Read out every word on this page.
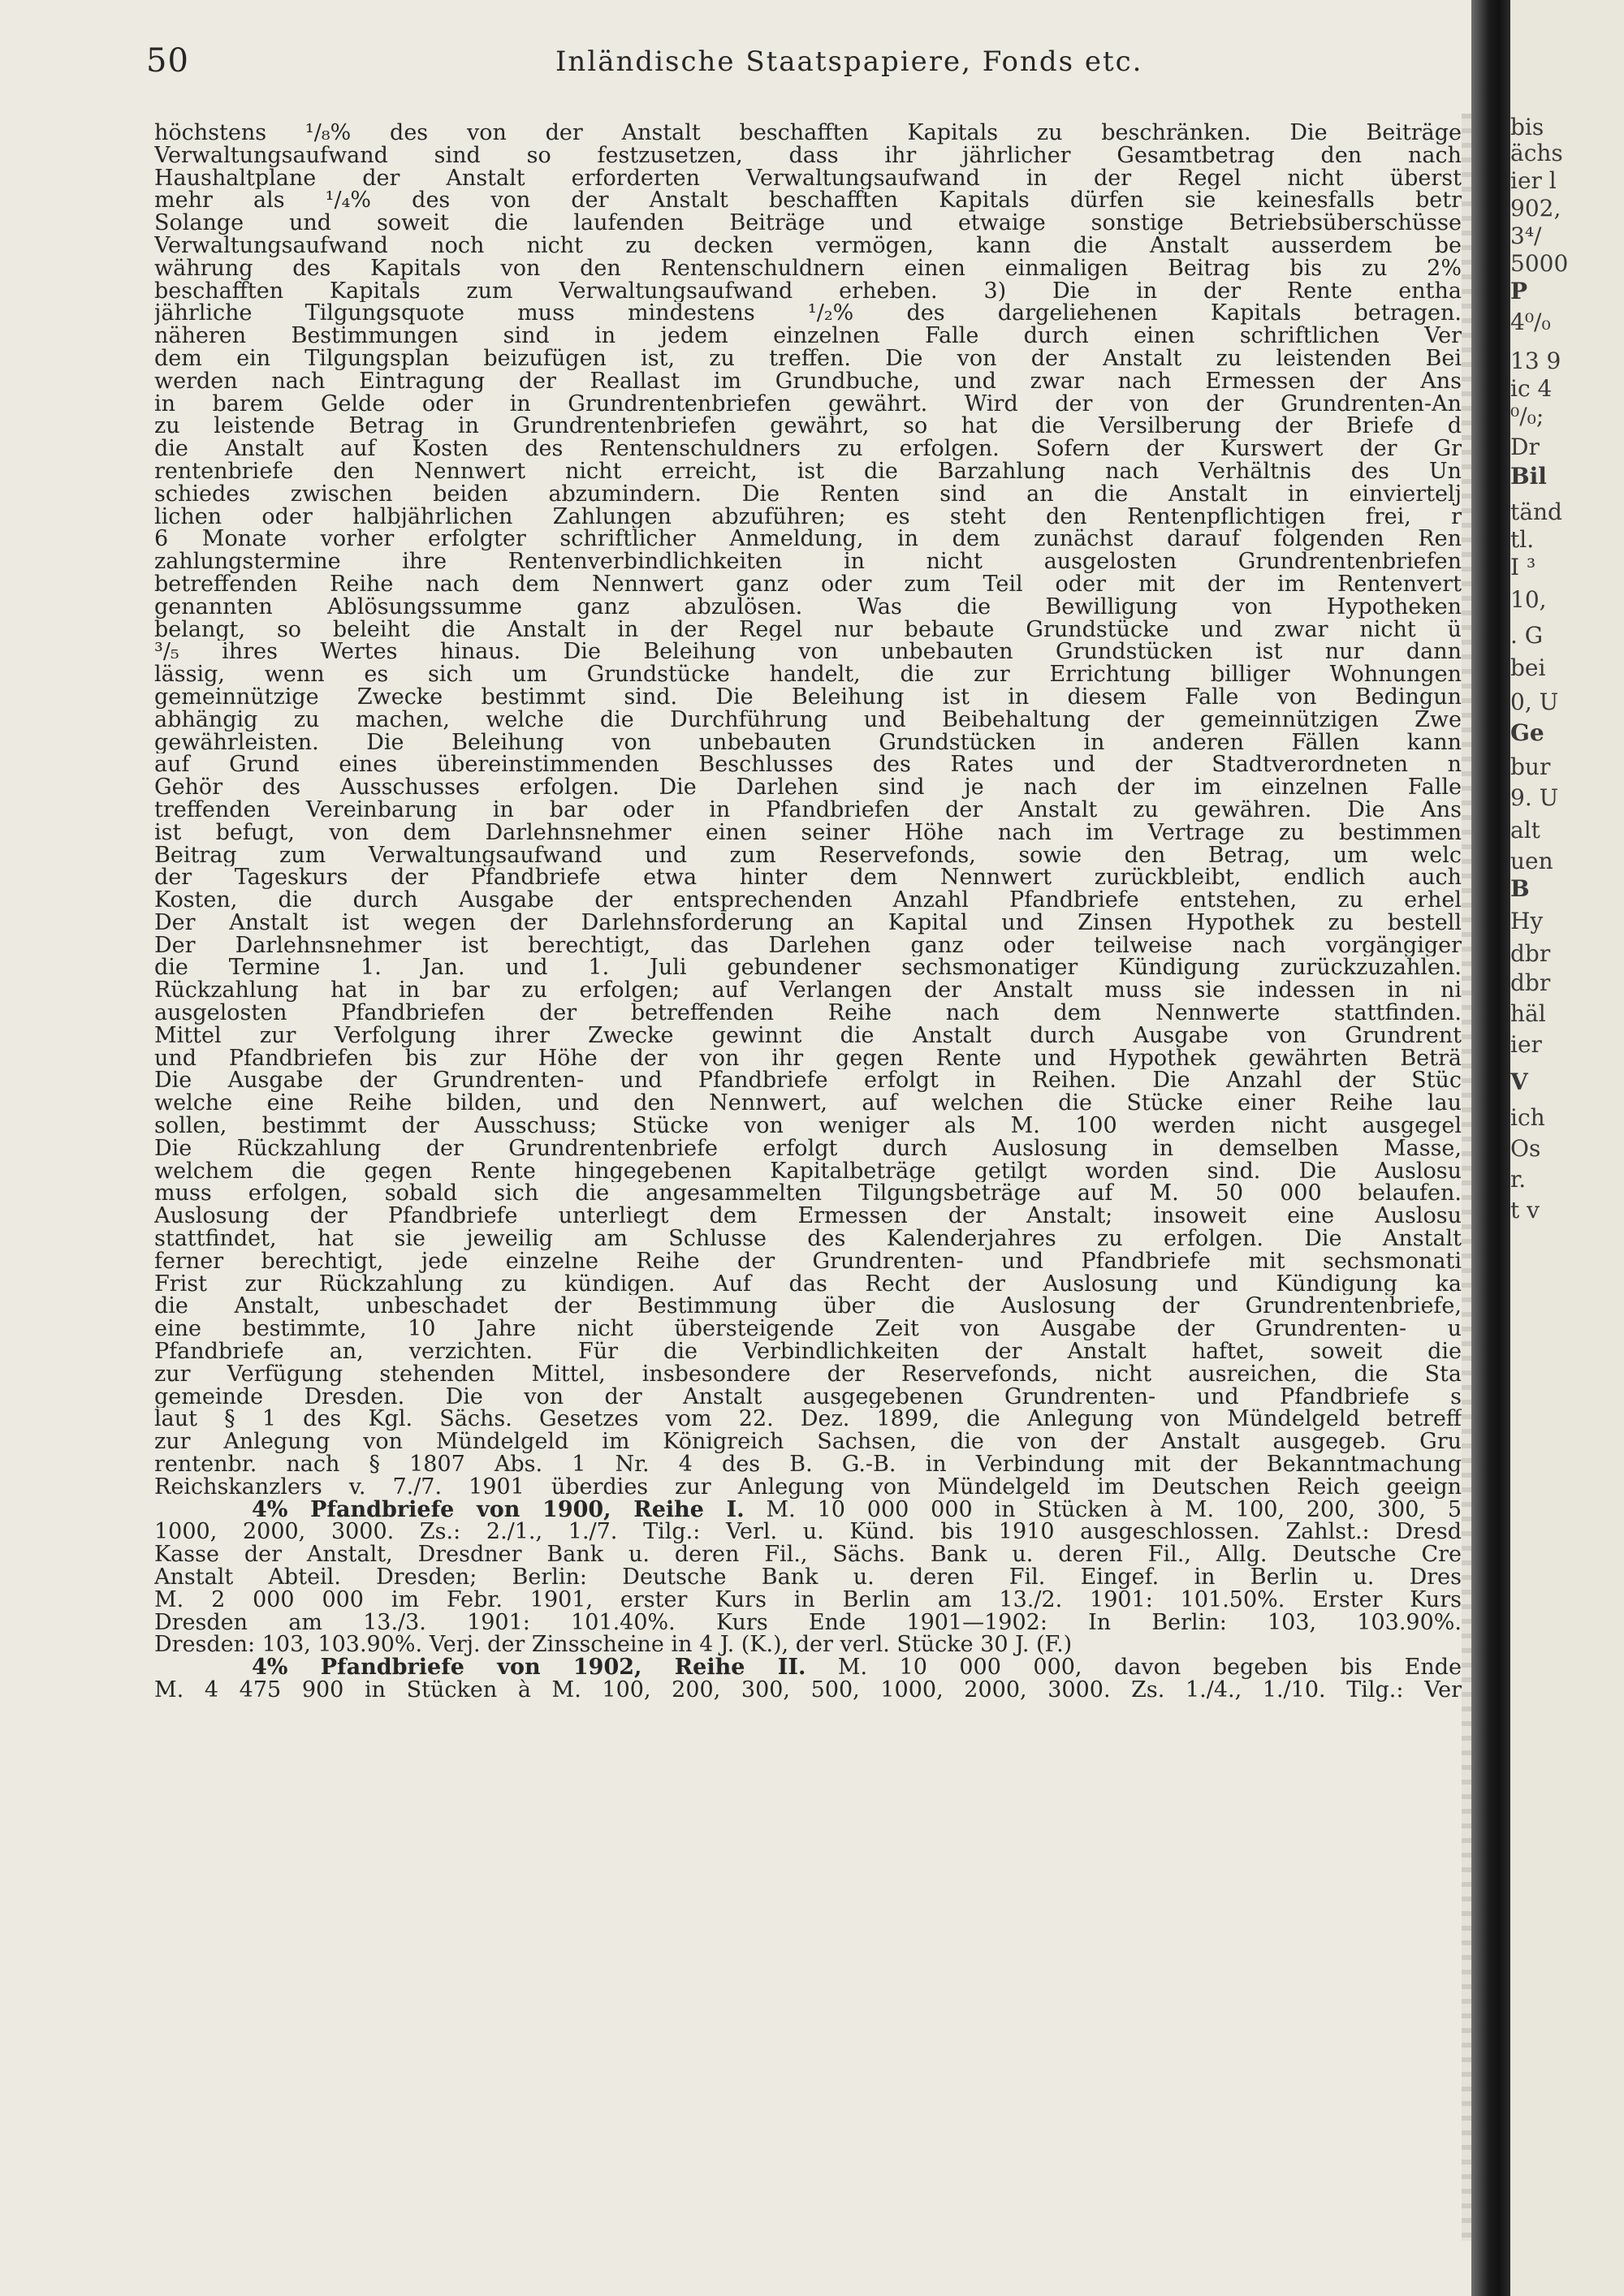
50	Inländische Staatspapiere, Fonds etc.
höchstens ¹/₈% des von der Anstalt beschafften Kapitals zu beschränken. Die Beiträge
Verwaltungsaufwand sind so festzusetzen, dass ihr jährlicher Gesamtbetrag den nach
Haushaltplane der Anstalt erforderten Verwaltungsaufwand in der Regel nicht überst
mehr als ¹/₄% des von der Anstalt beschafften Kapitals dürfen sie keinesfalls betr
Solange und soweit die laufenden Beiträge und etwaige sonstige Betriebsüberschüsse
Verwaltungsaufwand noch nicht zu decken vermögen, kann die Anstalt ausserdem be
währung des Kapitals von den Rentenschuldnern einen einmaligen Beitrag bis zu 2%
beschafften Kapitals zum Verwaltungsaufwand erheben. 3) Die in der Rente entha
jährliche Tilgungsquote muss mindestens ¹/₂% des dargeliehenen Kapitals betragen.
näheren Bestimmungen sind in jedem einzelnen Falle durch einen schriftlichen Ver
dem ein Tilgungsplan beizufügen ist, zu treffen. Die von der Anstalt zu leistenden Bei
werden nach Eintragung der Reallast im Grundbuche, und zwar nach Ermessen der Ans
in barem Gelde oder in Grundrentenbriefen gewährt. Wird der von der Grundrenten-An
zu leistende Betrag in Grundrentenbriefen gewährt, so hat die Versilberung der Briefe d
die Anstalt auf Kosten des Rentenschuldners zu erfolgen. Sofern der Kurswert der Gr
rentenbriefe den Nennwert nicht erreicht, ist die Barzahlung nach Verhältnis des Un
schiedes zwischen beiden abzumindern. Die Renten sind an die Anstalt in einviertelj
lichen oder halbjährlichen Zahlungen abzuführen; es steht den Rentenpflichtigen frei, r
6 Monate vorher erfolgter schriftlicher Anmeldung, in dem zunächst darauf folgenden Ren
zahlungstermine ihre Rentenverbindlichkeiten in nicht ausgelosten Grundrentenbriefen
betreffenden Reihe nach dem Nennwert ganz oder zum Teil oder mit der im Rentenvert
genannten Ablösungssumme ganz abzulösen. Was die Bewilligung von Hypotheken
belangt, so beleiht die Anstalt in der Regel nur bebaute Grundstücke und zwar nicht ü
³/₅ ihres Wertes hinaus. Die Beleihung von unbebauten Grundstücken ist nur dann
lässig, wenn es sich um Grundstücke handelt, die zur Errichtung billiger Wohnungen
gemeinnützige Zwecke bestimmt sind. Die Beleihung ist in diesem Falle von Bedingun
abhängig zu machen, welche die Durchführung und Beibehaltung der gemeinnützigen Zwe
gewährleisten. Die Beleihung von unbebauten Grundstücken in anderen Fällen kann
auf Grund eines übereinstimmenden Beschlusses des Rates und der Stadtverordneten n
Gehör des Ausschusses erfolgen. Die Darlehen sind je nach der im einzelnen Falle
treffenden Vereinbarung in bar oder in Pfandbriefen der Anstalt zu gewähren. Die Ans
ist befugt, von dem Darlehnsnehmer einen seiner Höhe nach im Vertrage zu bestimmen
Beitrag zum Verwaltungsaufwand und zum Reservefonds, sowie den Betrag, um welc
der Tageskurs der Pfandbriefe etwa hinter dem Nennwert zurückbleibt, endlich auch
Kosten, die durch Ausgabe der entsprechenden Anzahl Pfandbriefe entstehen, zu erhel
Der Anstalt ist wegen der Darlehnsforderung an Kapital und Zinsen Hypothek zu bestell
Der Darlehnsnehmer ist berechtigt, das Darlehen ganz oder teilweise nach vorgängiger
die Termine 1. Jan. und 1. Juli gebundener sechsmonatiger Kündigung zurückzuzahlen.
Rückzahlung hat in bar zu erfolgen; auf Verlangen der Anstalt muss sie indessen in ni
ausgelosten Pfandbriefen der betreffenden Reihe nach dem Nennwerte stattfinden.
Mittel zur Verfolgung ihrer Zwecke gewinnt die Anstalt durch Ausgabe von Grundrent
und Pfandbriefen bis zur Höhe der von ihr gegen Rente und Hypothek gewährten Beträ
Die Ausgabe der Grundrenten- und Pfandbriefe erfolgt in Reihen. Die Anzahl der Stüc
welche eine Reihe bilden, und den Nennwert, auf welchen die Stücke einer Reihe lau
sollen, bestimmt der Ausschuss; Stücke von weniger als M. 100 werden nicht ausgegel
Die Rückzahlung der Grundrentenbriefe erfolgt durch Auslosung in demselben Masse,
welchem die gegen Rente hingegebenen Kapitalbeträge getilgt worden sind. Die Auslosu
muss erfolgen, sobald sich die angesammelten Tilgungsbeträge auf M. 50 000 belaufen.
Auslosung der Pfandbriefe unterliegt dem Ermessen der Anstalt; insoweit eine Auslosu
stattfindet, hat sie jeweilig am Schlusse des Kalenderjahres zu erfolgen. Die Anstalt
ferner berechtigt, jede einzelne Reihe der Grundrenten- und Pfandbriefe mit sechsmonati
Frist zur Rückzahlung zu kündigen. Auf das Recht der Auslosung und Kündigung ka
die Anstalt, unbeschadet der Bestimmung über die Auslosung der Grundrentenbriefe,
eine bestimmte, 10 Jahre nicht übersteigende Zeit von Ausgabe der Grundrenten- u
Pfandbriefe an, verzichten. Für die Verbindlichkeiten der Anstalt haftet, soweit die
zur Verfügung stehenden Mittel, insbesondere der Reservefonds, nicht ausreichen, die Sta
gemeinde Dresden. Die von der Anstalt ausgegebenen Grundrenten- und Pfandbriefe s
laut § 1 des Kgl. Sächs. Gesetzes vom 22. Dez. 1899, die Anlegung von Mündelgeld betreff
zur Anlegung von Mündelgeld im Königreich Sachsen, die von der Anstalt ausgegeb. Gru
rentenbr. nach § 1807 Abs. 1 Nr. 4 des B. G.-B. in Verbindung mit der Bekanntmachung
Reichskanzlers v. 7./7. 1901 überdies zur Anlegung von Mündelgeld im Deutschen Reich geeign
4% Pfandbriefe von 1900, Reihe I. M. 10 000 000 in Stücken à M. 100, 200, 300, 5
1000, 2000, 3000. Zs.: 2./1., 1./7. Tilg.: Verl. u. Künd. bis 1910 ausgeschlossen. Zahlst.: Dresd
Kasse der Anstalt, Dresdner Bank u. deren Fil., Sächs. Bank u. deren Fil., Allg. Deutsche Cre
Anstalt Abteil. Dresden; Berlin: Deutsche Bank u. deren Fil. Eingef. in Berlin u. Dres
M. 2 000 000 im Febr. 1901, erster Kurs in Berlin am 13./2. 1901: 101.50%. Erster Kurs
Dresden am 13./3. 1901: 101.40%. Kurs Ende 1901—1902: In Berlin: 103, 103.90%.
Dresden: 103, 103.90%. Verj. der Zinsscheine in 4 J. (K.), der verl. Stücke 30 J. (F.)
4% Pfandbriefe von 1902, Reihe II. M. 10 000 000, davon begeben bis Ende
M. 4 475 900 in Stücken à M. 100, 200, 300, 500, 1000, 2000, 3000. Zs. 1./4., 1./10. Tilg.: Ver
bis
ächs
ier l
902,
3⁴/
5000
P
4⁰/₀
13 9
iс 4
⁰/₀;
Dr
Bil
tänd
tl.
I ³
10,
. G
bei
0, U
Ge
bur
9. U
alt
uen
B
Hy
dbr
dbr
häl
ier
V
ich
Os
r.
t v
